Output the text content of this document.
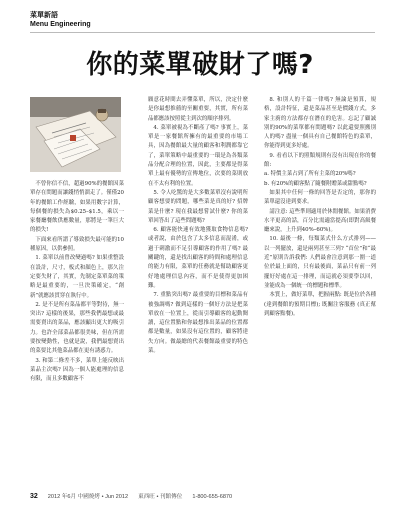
菜單新語
Menu Engineering
你的菜單破財了嗎?

不曾你信不信，超過90%的餐館因菜單存在問題而讓錢悄悄溜走了。僅僅20年的餐館工作經驗，如果用數字計算，每個餐的損失為$0.25–$1.5，乘以一家餐廳餐飲供應數量，那將是一筆巨大的損失!

下面來看所謂了導致損失最可能的10種原因，以供參照。

1. 菜單以前曾改變過嗎? 如果重整設在設計，尺寸，板式和顏色上，那久注定要失財了，其實，先制定菜單菜的策略是最重要的，一旦決策確定，“創新”就應該貫穿在執行中。

2. 是不是所有菜品都平等對待，無一突出? 這樣的後果，那些我們最想或最需要賣出的菜品，應該顯出更大的吸引力。也許全部菜品都很美味，但在所需要按變動性，也就是說，我們最想賣出的菜要比其他菜品都在更有誘惑力。

3. 和第二條差不多，菜單上能反映出菜品主次嗎? 因為一個人能處理的信息有限，而且多數顧客不

願意花時間去弄懂菜單，所以，決定什麼是你最想推薦的至關重要，其實，所有菜品都應該按照從主到次的順序排列。

4. 菜單被視為不斷產了嗎? 事實上，菜單是一家餐館所擁有的最重要的市場工具，因為餐館最大量的顧客和利潤都靠它了，菜單策略中最重要的一環是為各類菜品分配合理的位置，因此，主要都是得菜單上最有優勢的宣傳地位，次要的菜則放在不太有利的位置。

5. 令人吃驚的是大多數菜單沒有說明所顧客想要的問題，哪些菜是真的好? 招牌菜是什麼? 現在我最想嘗試什麼? 你的菜單回答出了這些問題嗎?

6. 顧客能快速有效地獲取食物信息嗎? 或者說，由於包含了太多信息而混淆，或過于刺激而不足引導顧客的作用了嗎? 最關鍵的，還是找出顧客的時間和處理信息的能力有限，菜單的任務就是幫助顧客更好地處理信息內容，而不是使得更加困難。

7. 重點突出嗎? 最重要的目標和菜品有被強調嗎? 做到這樣的一個好方法是把菜單放在一位置上，從而引導顧客的起動閱讀，這位置點和你最想推出菜品的位置都都是數量，如果沒有這位置的，顧客將達失方向。做最總的代表餐館最重要的特色菜。

8. 和別人的千篇一律嗎? 無論是預算，規格，設計特征，還是菜品甚至是價錢方式，多家主廚的方法都存在潛在的危害。忘記了顧誠別的90%的菜單都有問題嗎? 以此還要照搬別人的嗎? 盡量一個具有自己餐館特色的菜單，你能得到更多好處。

9. 看看以下的照類規則有沒有出現在你的餐館:

a. 特價主菜占到了所有主菜的20%嗎?

b. 有20%的顧客點了隨餐附贈菜或甜點嗎?

如果其中任何一條的回答是否定的，那你的菜單還沒達到要求。

請注意: 這些準則適用於休閒餐館。如果消費水平更高的話，百分比需適當提高(即對高級餐廳來說，上升到40%–60%)。

10. 最後一條，每類菜式什么方式排列——以一列擺放，還是兩列甚至三列? “首位”和“最近”原則告訴我們: 人們最會注意到那一圍一道位於最上面的，只有最後面，菜品只有前一列擺好好處在這一排理，而這就必須要學以回，並能成為一個統一的標題和標準。

本質上，做好菜單，把握兩點: 既是位於各種 (達到餐館的預期目標); 既關注客服務 (真正幫到顧客點餐)。

32 2012 年6月 中國燒烤 • Jun 2012 東西旺 • 刊館傳位 1-800-655-6870
